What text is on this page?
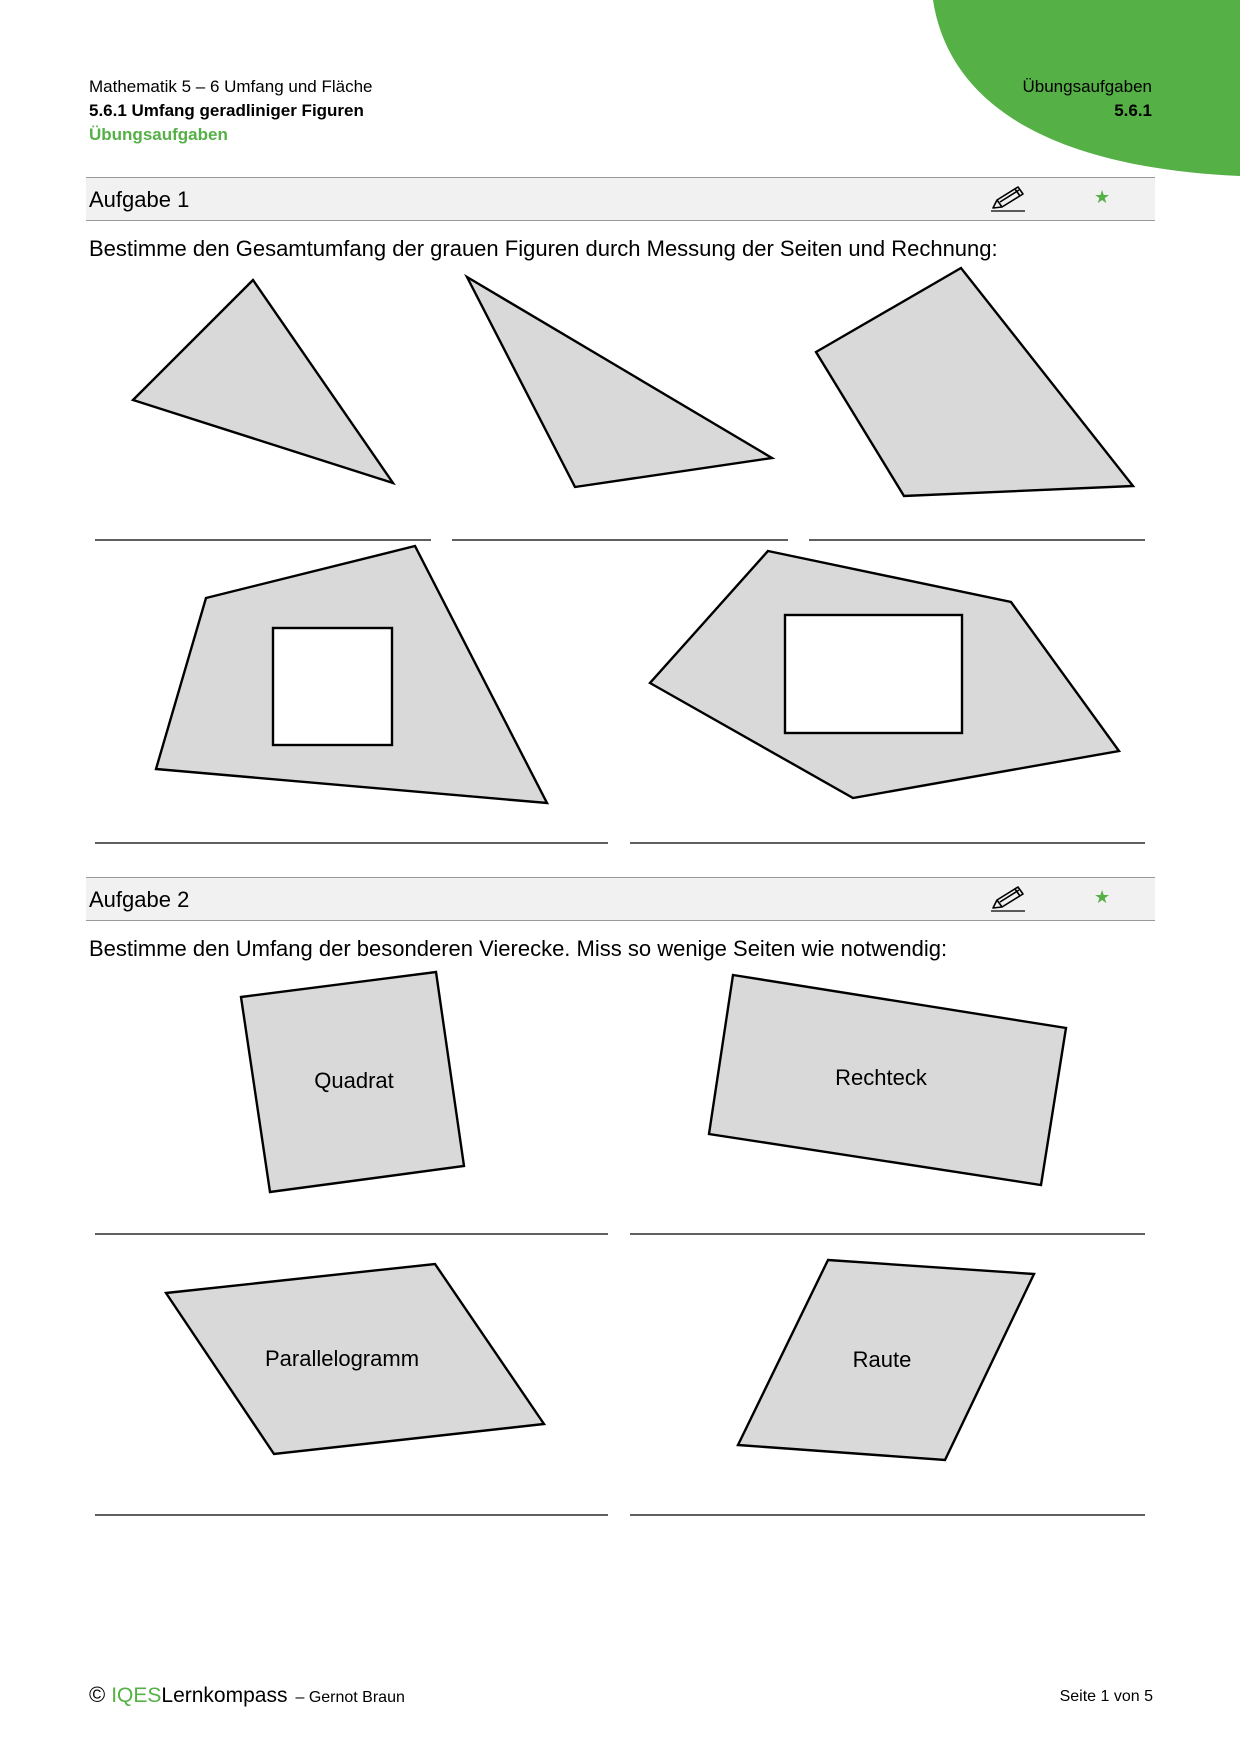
Mathematik 5 – 6 Umfang und Fläche
5.6.1 Umfang geradliniger Figuren
Übungsaufgaben
Übungsaufgaben
5.6.1
Aufgabe 1	★
Bestimme den Gesamtumfang der grauen Figuren durch Messung der Seiten und Rechnung:
Aufgabe 2	★
Bestimme den Umfang der besonderen Vierecke. Miss so wenige Seiten wie notwendig:
Quadrat	Rechteck
Parallelogramm	Raute
© IQES Lernkompass – Gernot Braun	Seite 1 von 5
